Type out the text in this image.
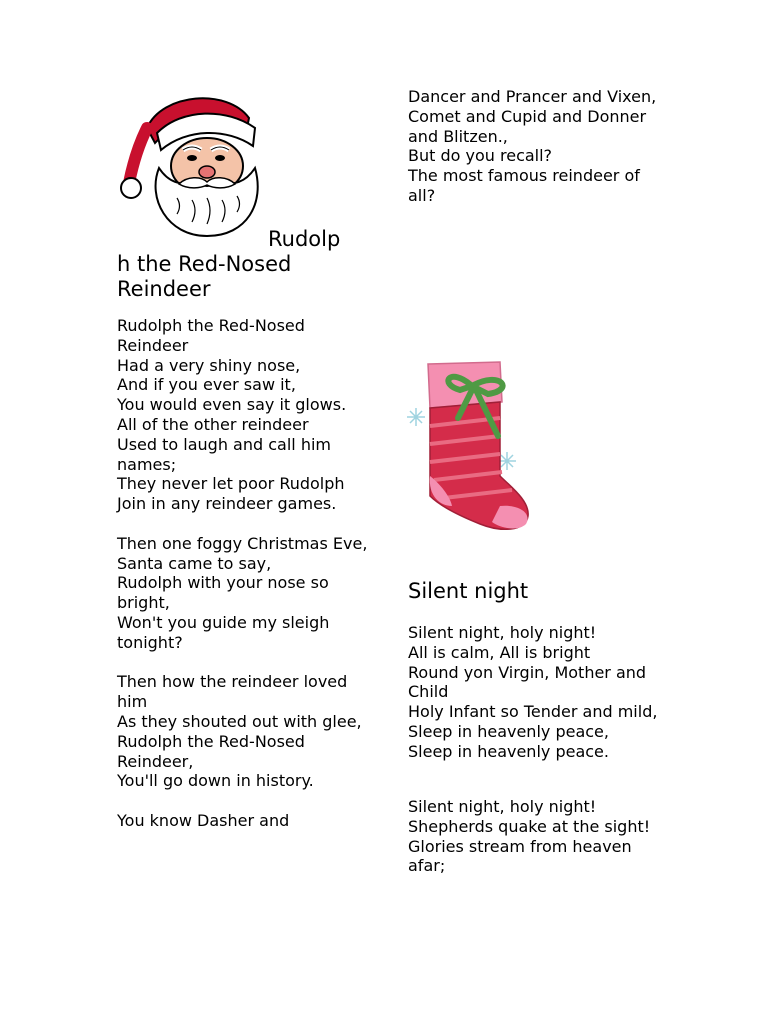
Rudolp
h the Red-Nosed Reindeer

Rudolph the Red-Nosed Reindeer
Had a very shiny nose,
And if you ever saw it,
You would even say it glows.
All of the other reindeer
Used to laugh and call him names;
They never let poor Rudolph
Join in any reindeer games.

Then one foggy Christmas Eve,
Santa came to say,
Rudolph with your nose so bright,
Won't you guide my sleigh tonight?

Then how the reindeer loved him
As they shouted out with glee,
Rudolph the Red-Nosed Reindeer,
You'll go down in history.

You know Dasher and

Dancer and Prancer and Vixen,
Comet and Cupid and Donner and Blitzen.,
But do you recall?
The most famous reindeer of all?

Silent night

Silent night, holy night!
All is calm, All is bright
Round yon Virgin, Mother and Child
Holy Infant so Tender and mild,
Sleep in heavenly peace,
Sleep in heavenly peace.

Silent night, holy night!
Shepherds quake at the sight!
Glories stream from heaven afar;
